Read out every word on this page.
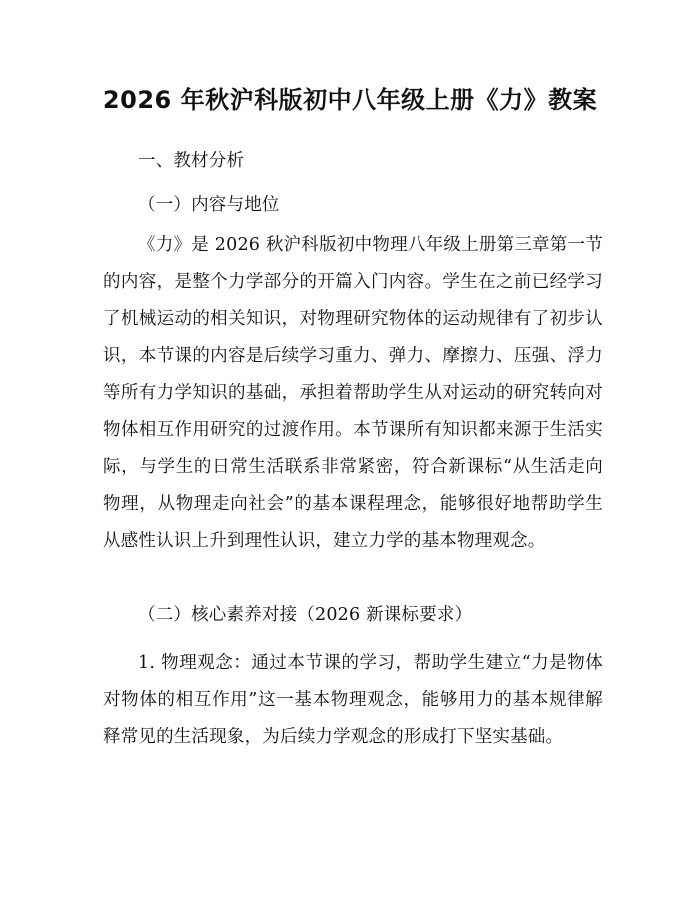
2026 年秋沪科版初中八年级上册《力》教案

一、教材分析

（一）内容与地位

《力》是 2026 秋沪科版初中物理八年级上册第三章第一节的内容，是整个力学部分的开篇入门内容。学生在之前已经学习了机械运动的相关知识，对物理研究物体的运动规律有了初步认识，本节课的内容是后续学习重力、弹力、摩擦力、压强、浮力等所有力学知识的基础，承担着帮助学生从对运动的研究转向对物体相互作用研究的过渡作用。本节课所有知识都来源于生活实际，与学生的日常生活联系非常紧密，符合新课标“从生活走向物理，从物理走向社会”的基本课程理念，能够很好地帮助学生从感性认识上升到理性认识，建立力学的基本物理观念。

（二）核心素养对接（2026 新课标要求）

1. 物理观念：通过本节课的学习，帮助学生建立“力是物体对物体的相互作用”这一基本物理观念，能够用力的基本规律解释常见的生活现象，为后续力学观念的形成打下坚实基础。
